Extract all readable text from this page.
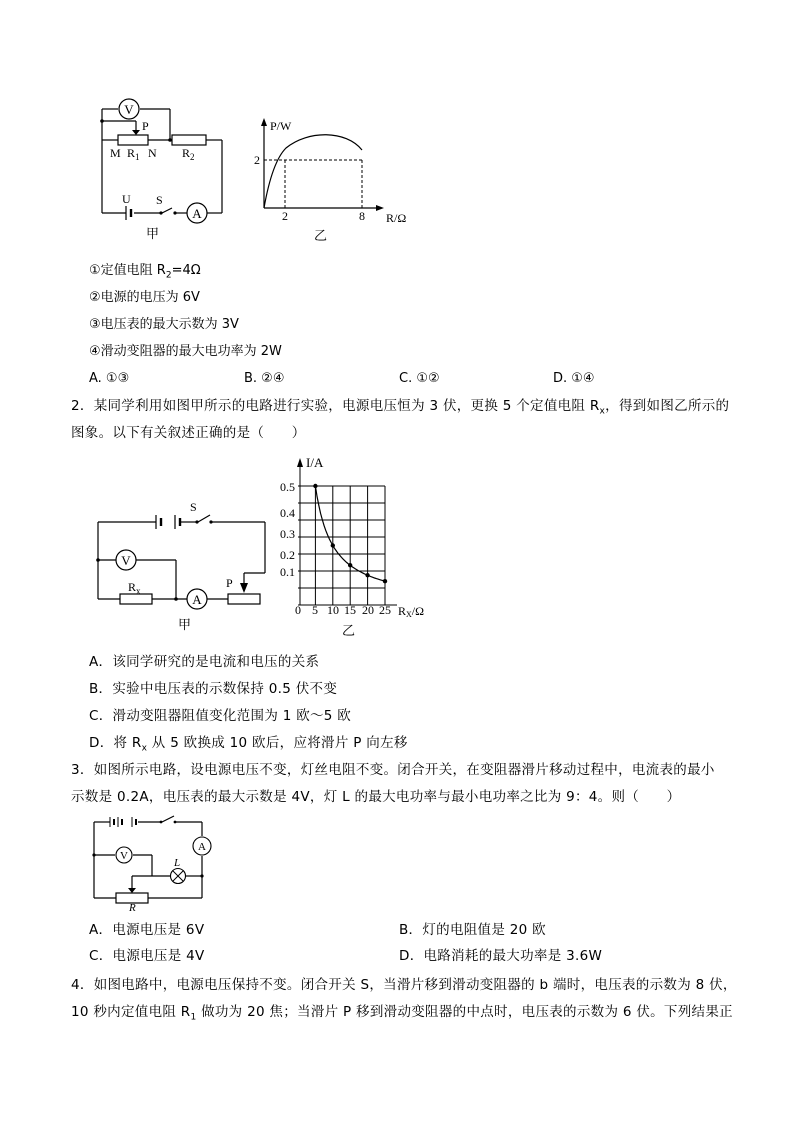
V
P
M $R_1$ N $R_2$
U S
A
甲
P/W
2
2	8 R/Ω
乙
①定值电阻 $R_2=4\Omega$
②电源的电压为 6V
③电压表的最大示数为 3V
④滑动变阻器的最大电功率为 2W
A. ①③	B. ②④	C. ①②	D. ①④
2．某同学利用如图甲所示的电路进行实验，电源电压恒为 3 伏，更换 5 个定值电阻 $R_x$，得到如图乙所示的
图象。以下有关叙述正确的是（　　）
S
V
$R_x$
A
P
甲
I/A
0.5
0.4
0.3
0.2
0.1
0 5 10 15 20 25 RX/Ω
乙
A．该同学研究的是电流和电压的关系
B．实验中电压表的示数保持 0.5 伏不变
C．滑动变阻器阻值变化范围为 1 欧～5 欧
D．将 $R_x$ 从 5 欧换成 10 欧后，应将滑片 P 向左移
3．如图所示电路，设电源电压不变，灯丝电阻不变。闭合开关，在变阻器滑片移动过程中，电流表的最小
示数是 0.2A，电压表的最大示数是 4V，灯 L 的最大电功率与最小电功率之比为 9：4。则（　　）
V
A
L
R
A．电源电压是 6V	B．灯的电阻值是 20 欧
C．电源电压是 4V	D．电路消耗的最大功率是 3.6W
4．如图电路中，电源电压保持不变。闭合开关 S，当滑片移到滑动变阻器的 b 端时，电压表的示数为 8 伏，
10 秒内定值电阻 $R_1$ 做功为 20 焦；当滑片 P 移到滑动变阻器的中点时，电压表的示数为 6 伏。下列结果正
